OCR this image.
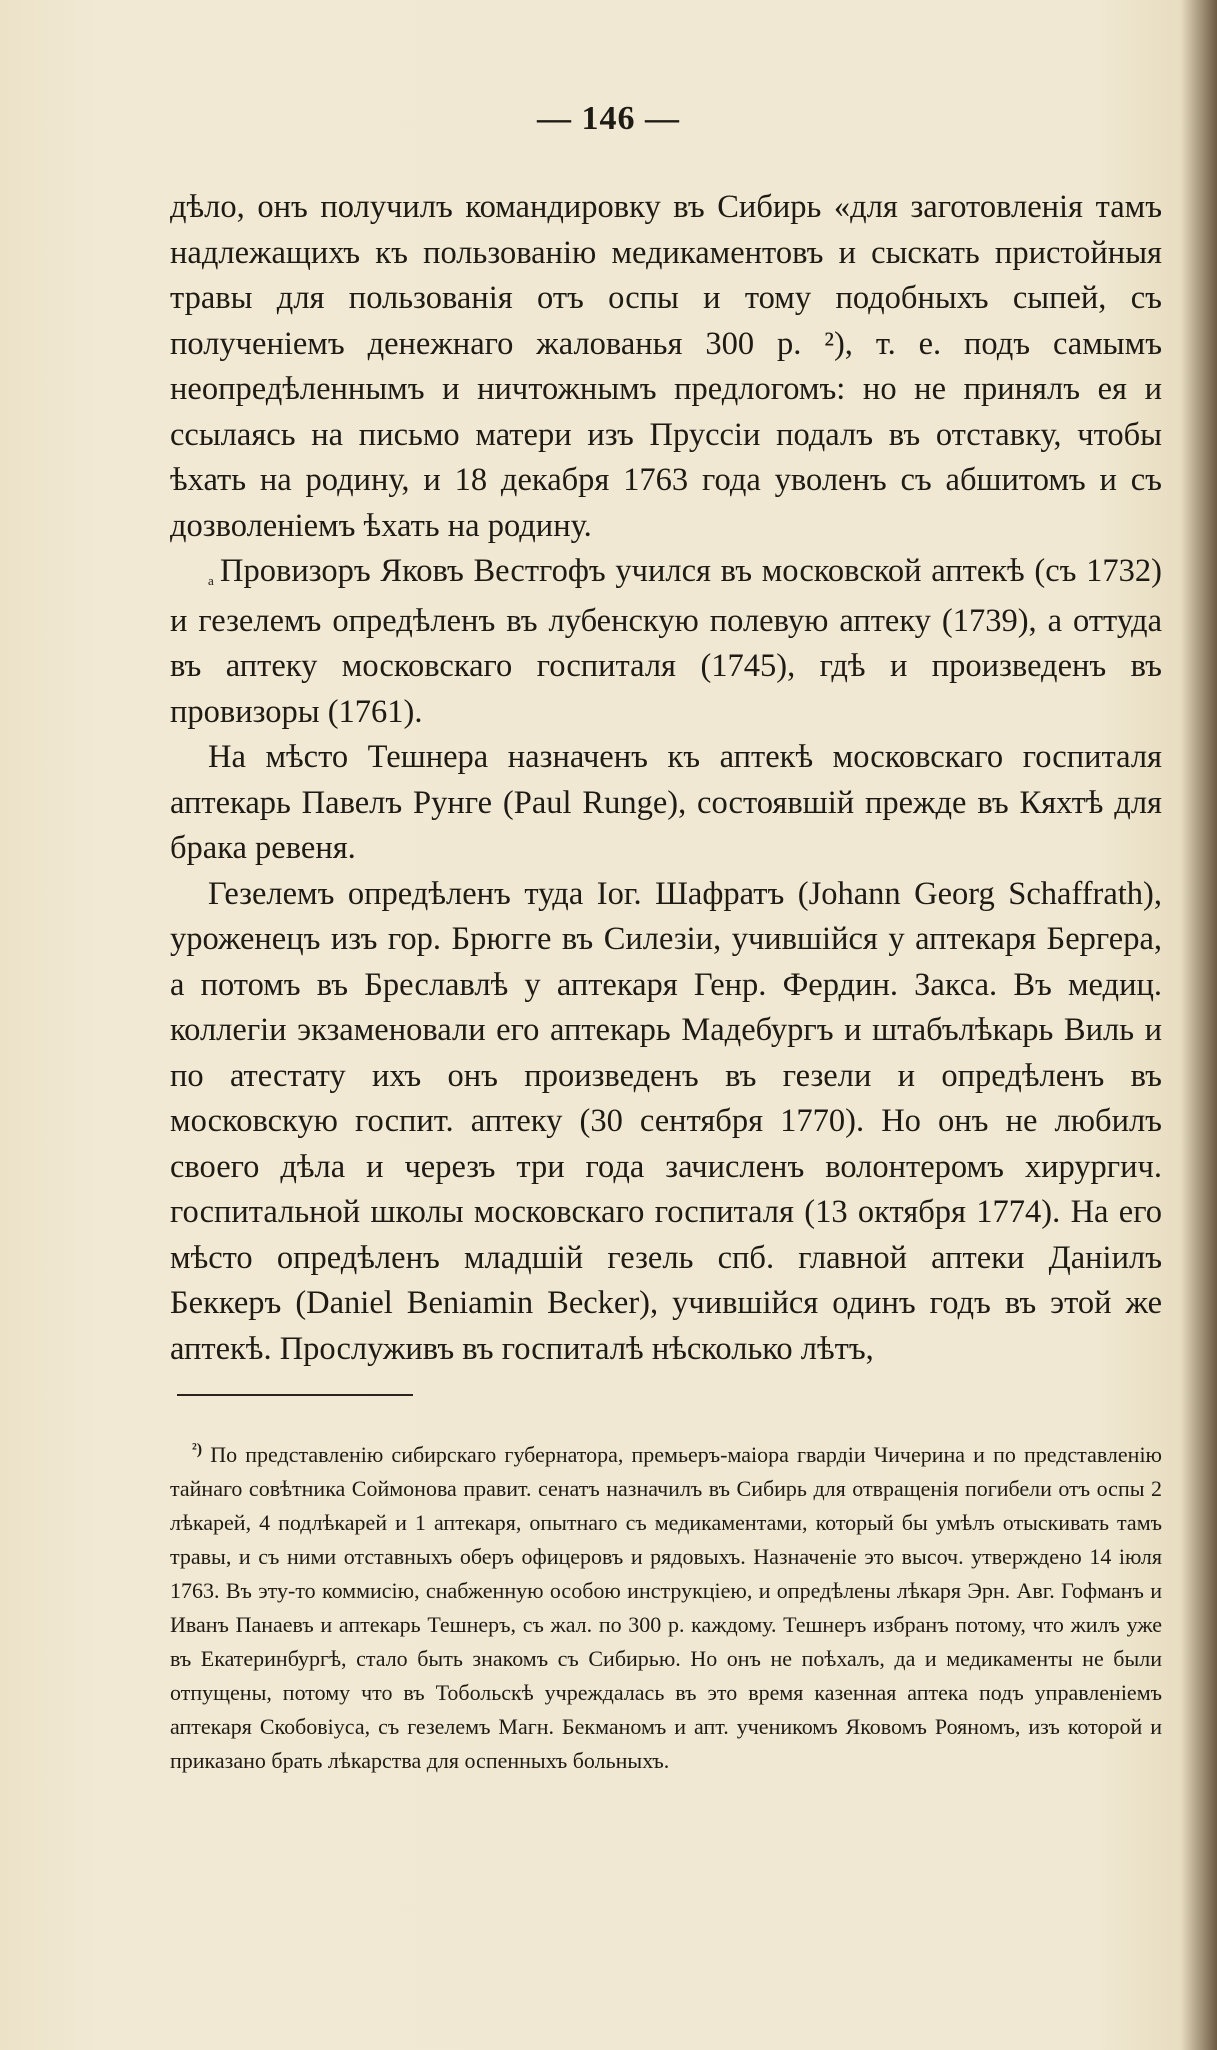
— 146 —

дѣло, онъ получилъ командировку въ Сибирь «для заготовленія тамъ надлежащихъ къ пользованію медикаментовъ и сыскать пристойныя травы для пользованія отъ оспы и тому подобныхъ сыпей, съ полученіемъ денежнаго жалованья 300 р. ²), т. е. подъ самымъ неопредѣленнымъ и ничтожнымъ предлогомъ: но не принялъ ея и ссылаясь на письмо матери изъ Пруссіи подалъ въ отставку, чтобы ѣхать на родину, и 18 декабря 1763 года уволенъ съ абшитомъ и съ дозволеніемъ ѣхать на родину.

ₐ Провизоръ Яковъ Вестгофъ учился въ московской аптекѣ (съ 1732) и гезелемъ опредѣленъ въ лубенскую полевую аптеку (1739), а оттуда въ аптеку московскаго госпиталя (1745), гдѣ и произведенъ въ провизоры (1761).

На мѣсто Тешнера назначенъ къ аптекѣ московскаго госпиталя аптекарь Павелъ Рунге (Paul Runge), состоявшій прежде въ Кяхтѣ для брака ревеня.

Гезелемъ опредѣленъ туда Іог. Шафратъ (Johann Georg Schaffrath), уроженецъ изъ гор. Брюгге въ Силезіи, учившійся у аптекаря Бергера, а потомъ въ Бреславлѣ у аптекаря Генр. Фердин. Закса. Въ медиц. коллегіи экзаменовали его аптекарь Мадебургъ и штабълѣкарь Виль и по атестату ихъ онъ произведенъ въ гезели и опредѣленъ въ московскую госпит. аптеку (30 сентября 1770). Но онъ не любилъ своего дѣла и черезъ три года зачисленъ волонтеромъ хирургич. госпитальной школы московскаго госпиталя (13 октября 1774). На его мѣсто опредѣленъ младшій гезель спб. главной аптеки Даніилъ Беккеръ (Daniel Beniamin Becker), учившійся одинъ годъ въ этой же аптекѣ. Прослуживъ въ госпиталѣ нѣсколько лѣтъ,

$^{^2)}$ По представленію сибирскаго губернатора, премьеръ-маіора гвардіи Чичерина и по представленію тайнаго совѣтника Соймонова правит. сенатъ назначилъ въ Сибирь для отвращенія погибели отъ оспы 2 лѣкарей, 4 подлѣкарей и 1 аптекаря, опытнаго съ медикаментами, который бы умѣлъ отыскивать тамъ травы, и съ ними отставныхъ оберъ офицеровъ и рядовыхъ. Назначеніе это высоч. утверждено 14 іюля 1763. Въ эту-то коммисію, снабженную особою инструкціею, и опредѣлены лѣкаря Эрн. Авг. Гофманъ и Иванъ Панаевъ и аптекарь Тешнеръ, съ жал. по 300 р. каждому. Тешнеръ избранъ потому, что жилъ уже въ Екатеринбургѣ, стало быть знакомъ съ Сибирью. Но онъ не поѣхалъ, да и медикаменты не были отпущены, потому что въ Тобольскѣ учреждалась въ это время казенная аптека подъ управленіемъ аптекаря Скобовіуса, съ гезелемъ Магн. Бекманомъ и апт. ученикомъ Яковомъ Рояномъ, изъ которой и приказано брать лѣкарства для оспенныхъ больныхъ.
